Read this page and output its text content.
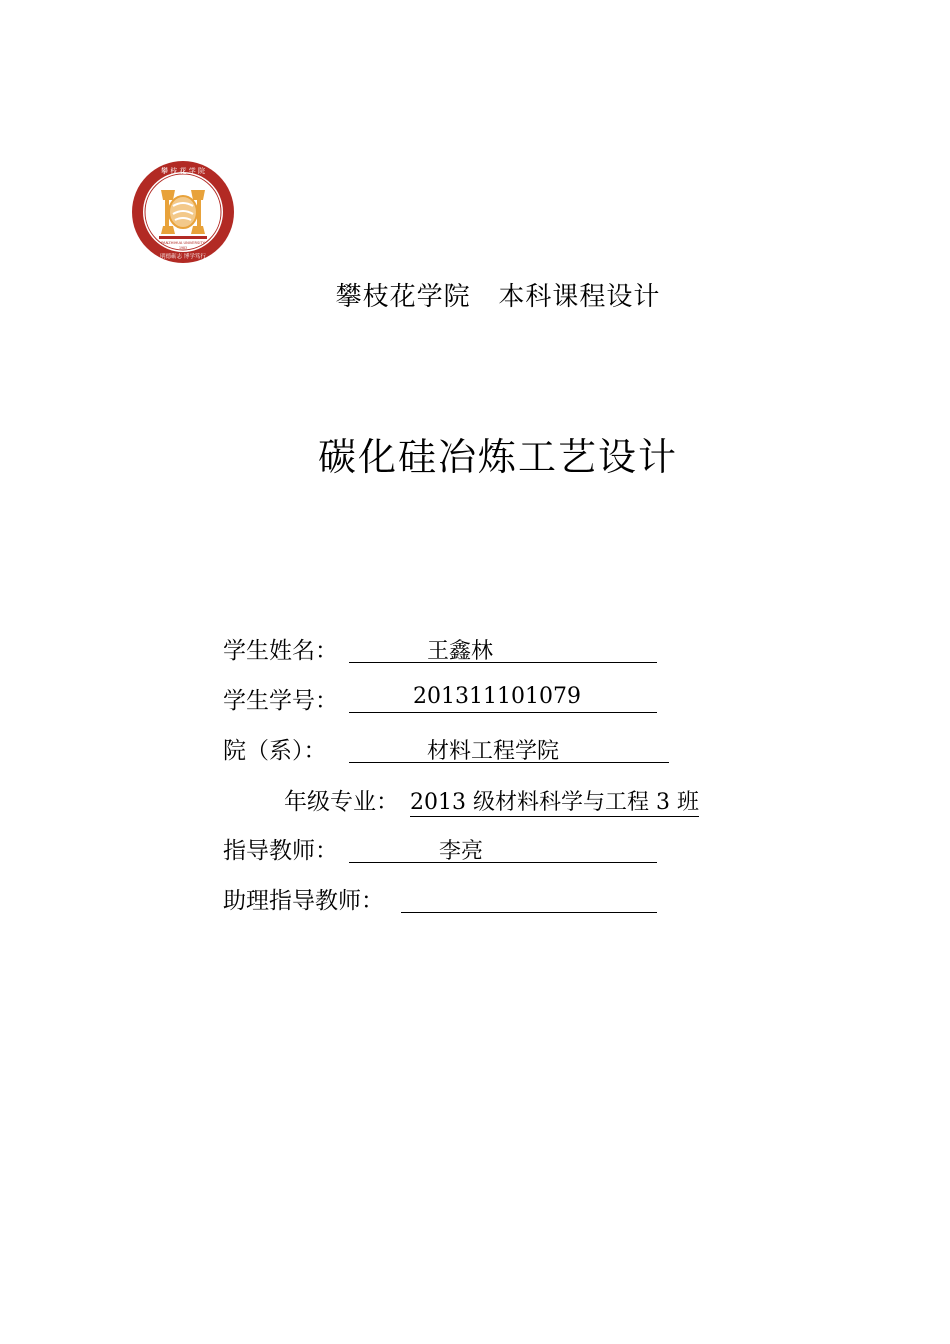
攀 枝 花 学 院
PANZHIHUA UNIVERSITY
1983
明德砺志 博学笃行
攀枝花学院 本科课程设计
碳化硅冶炼工艺设计
学生姓名：	王鑫林
学生学号：	201311101079
院（系）：	材料工程学院
年级专业： 2013 级材料科学与工程 3 班
指导教师：	李亮
助理指导教师：
